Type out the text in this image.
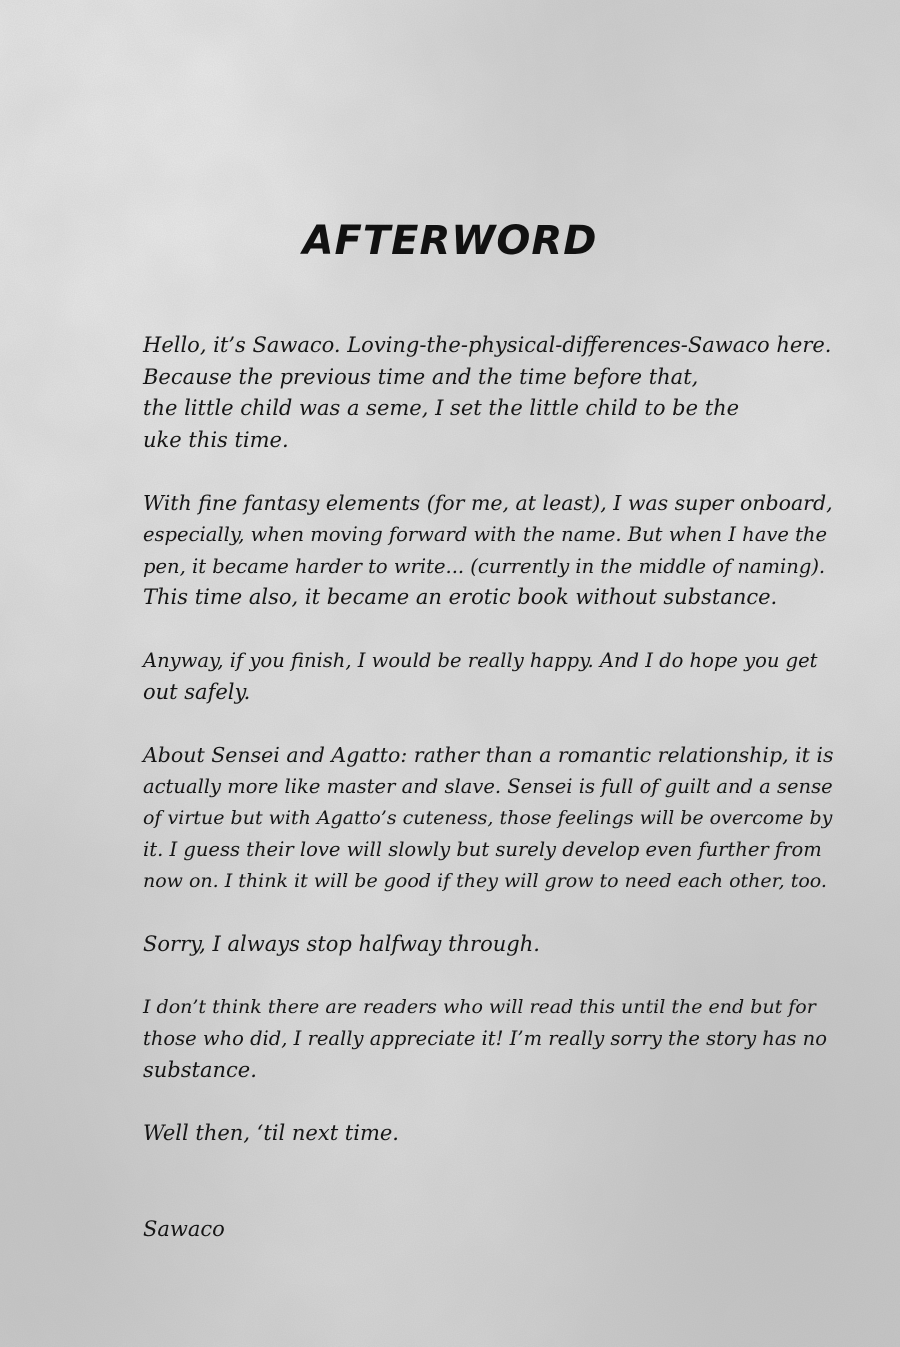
AFTERWORD

Hello, it’s Sawaco. Loving-the-physical-differences-Sawaco here.
Because the previous time and the time before that,
the little child was a seme, I set the little child to be the
uke this time.

With fine fantasy elements (for me, at least), I was super onboard,
especially, when moving forward with the name. But when I have the
pen, it became harder to write... (currently in the middle of naming).
This time also, it became an erotic book without substance.

Anyway, if you finish, I would be really happy. And I do hope you get
out safely.

About Sensei and Agatto: rather than a romantic relationship, it is
actually more like master and slave. Sensei is full of guilt and a sense
of virtue but with Agatto’s cuteness, those feelings will be overcome by
it. I guess their love will slowly but surely develop even further from
now on. I think it will be good if they will grow to need each other, too.

Sorry, I always stop halfway through.

I don’t think there are readers who will read this until the end but for
those who did, I really appreciate it! I’m really sorry the story has no
substance.

Well then, ‘til next time.

Sawaco
